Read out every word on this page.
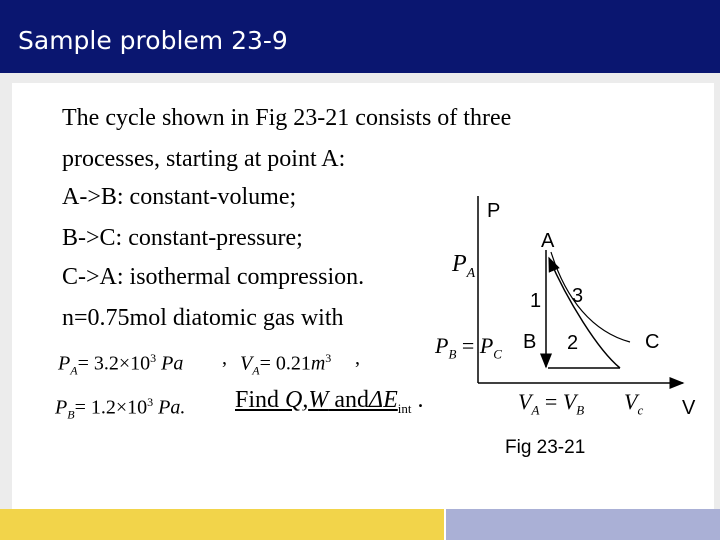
Sample problem 23-9
The cycle shown in Fig 23-21 consists of three
processes, starting at point A:
A->B: constant-volume;
B->C: constant-pressure;
C->A: isothermal compression.
n=0.75mol diatomic gas with
$P_A= 3.2\times 10^3$ Pa , $V_A= 0.21m^3$ ,
$P_B= 1.2\times 10^3$ Pa. Find Q,W andΔE$_{int}$ .
P
V
A
B	C
1
2
3
$P_A$
$P_B = P_C$
$V_A = V_B$ $V_c$
Fig 23-21
